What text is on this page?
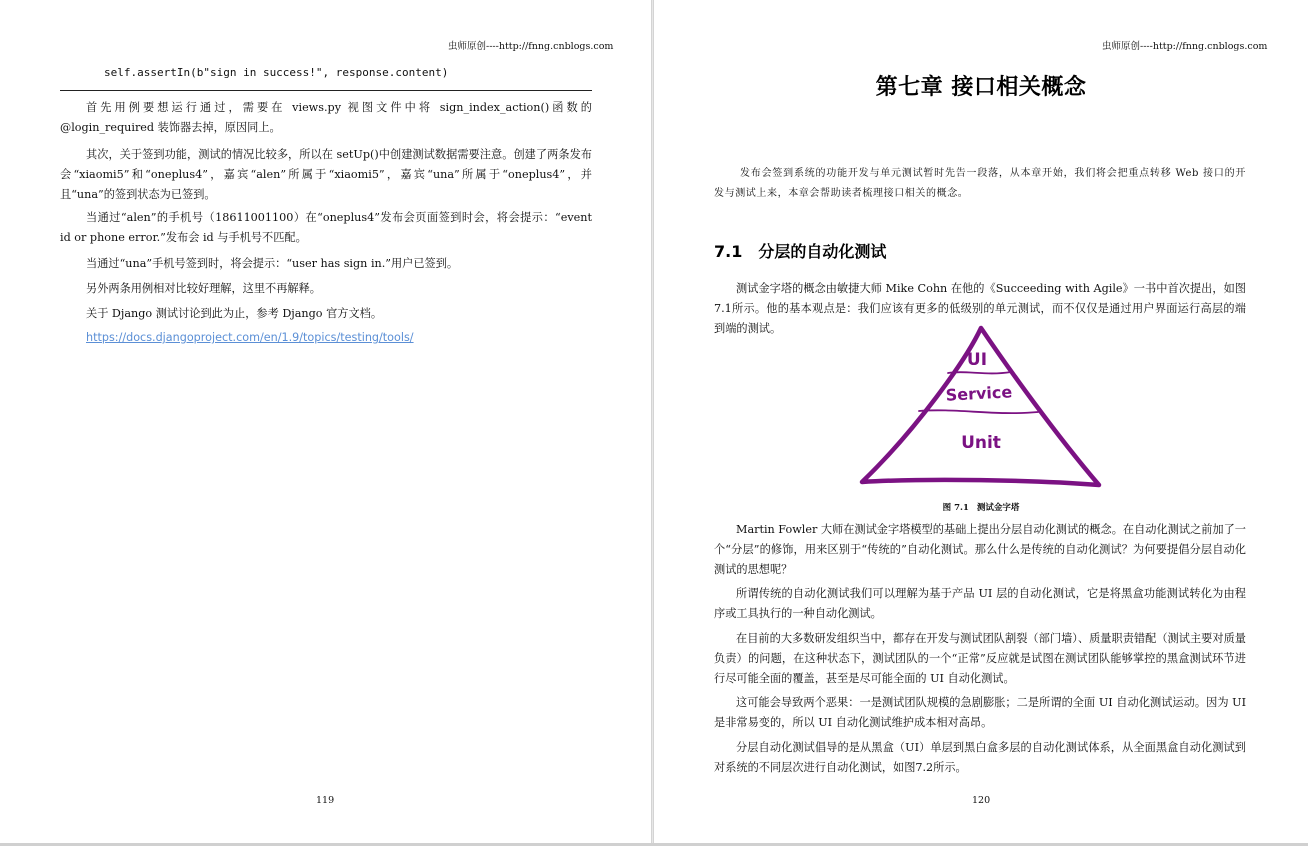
虫师原创----http://fnng.cnblogs.com
self.assertIn(b"sign in success!", response.content)

首先用例要想运行通过，需要在 views.py 视图文件中将 sign_index_action()函数的@login_required 装饰器去掉，原因同上。

其次，关于签到功能，测试的情况比较多，所以在 setUp()中创建测试数据需要注意。创建了两条发布会“xiaomi5”和“oneplus4”，嘉宾“alen”所属于“xiaomi5”，嘉宾“una”所属于“oneplus4”，并且“una”的签到状态为已签到。

当通过“alen”的手机号（18611001100）在“oneplus4”发布会页面签到时会，将会提示：“event id or phone error.”发布会 id 与手机号不匹配。

当通过“una”手机号签到时，将会提示：“user has sign in.”用户已签到。

另外两条用例相对比较好理解，这里不再解释。

关于 Django 测试讨论到此为止，参考 Django 官方文档。

https://docs.djangoproject.com/en/1.9/topics/testing/tools/
119
虫师原创----http://fnng.cnblogs.com
第七章 接口相关概念

发布会签到系统的功能开发与单元测试暂时先告一段落，从本章开始，我们将会把重点转移 Web 接口的开发与测试上来，本章会帮助读者梳理接口相关的概念。

7.1 分层的自动化测试

测试金字塔的概念由敏捷大师 Mike Cohn 在他的《Succeeding with Agile》一书中首次提出，如图7.1所示。他的基本观点是：我们应该有更多的低级别的单元测试，而不仅仅是通过用户界面运行高层的端到端的测试。

UI
Service
Unit
图 7.1 测试金字塔

Martin Fowler 大师在测试金字塔模型的基础上提出分层自动化测试的概念。在自动化测试之前加了一个“分层”的修饰，用来区别于“传统的”自动化测试。那么什么是传统的自动化测试？为何要提倡分层自动化测试的思想呢？

所谓传统的自动化测试我们可以理解为基于产品 UI 层的自动化测试，它是将黑盒功能测试转化为由程序或工具执行的一种自动化测试。

在目前的大多数研发组织当中，都存在开发与测试团队割裂（部门墙）、质量职责错配（测试主要对质量负责）的问题，在这种状态下，测试团队的一个“正常”反应就是试图在测试团队能够掌控的黑盒测试环节进行尽可能全面的覆盖，甚至是尽可能全面的 UI 自动化测试。

这可能会导致两个恶果：一是测试团队规模的急剧膨胀；二是所谓的全面 UI 自动化测试运动。因为 UI 是非常易变的，所以 UI 自动化测试维护成本相对高昂。

分层自动化测试倡导的是从黑盒（UI）单层到黑白盒多层的自动化测试体系，从全面黑盒自动化测试到对系统的不同层次进行自动化测试，如图7.2所示。

120
